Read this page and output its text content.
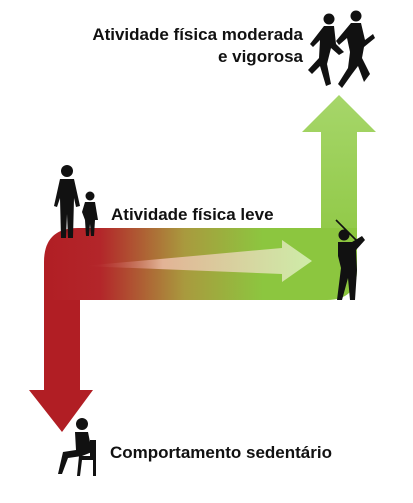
Atividade física moderada
e vigorosa
Atividade física leve
Comportamento sedentário
